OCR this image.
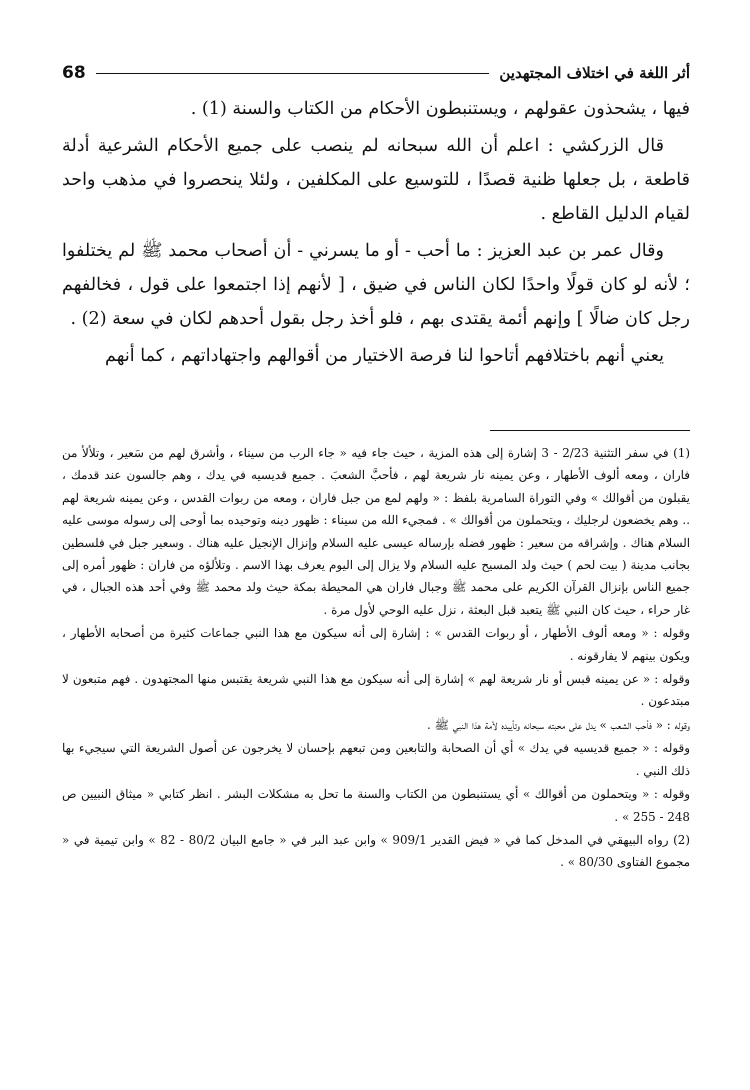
68	أثر اللغة في اختلاف المجتهدين

فيها ، يشحذون عقولهم ، ويستنبطون الأحكام من الكتاب والسنة (1) .

قال الزركشي : اعلم أن الله سبحانه لم ينصب على جميع الأحكام الشرعية أدلة قاطعة ، بل جعلها ظنية قصدًا ، للتوسيع على المكلفين ، ولئلا ينحصروا في مذهب واحد لقيام الدليل القاطع .

وقال عمر بن عبد العزيز : ما أحب - أو ما يسرني - أن أصحاب محمد ﷺ لم يختلفوا ؛ لأنه لو كان قولًا واحدًا لكان الناس في ضيق ، [ لأنهم إذا اجتمعوا على قول ، فخالفهم رجل كان ضالًا ] وإنهم أئمة يقتدى بهم ، فلو أخذ رجل بقول أحدهم لكان في سعة (2) .

يعني أنهم باختلافهم أتاحوا لنا فرصة الاختيار من أقوالهم واجتهاداتهم ، كما أنهم

(1) في سفر التثنية 2/23 - 3 إشارة إلى هذه المزية ، حيث جاء فيه « جاء الرب من سيناء ، وأشرق لهم من سَعير ، وتلألأ من فاران ، ومعه ألوف الأطهار ، وعن يمينه نار شريعة لهم ، فأحبَّ الشعبَ . جميع قديسيه في يدك ، وهم جالسون عند قدمك ، يقبلون من أقوالك » وفي التوراة السامرية بلفظ : « ولهم لمع من جبل فاران ، ومعه من ربوات القدس ، وعن يمينه شريعة لهم .. وهم يخضعون لرجليك ، ويتحملون من أقوالك » . فمجيء الله من سيناء : ظهور دينه وتوحيده بما أوحى إلى رسوله موسى عليه السلام هناك . وإشراقه من سعير : ظهور فضله بإرساله عيسى عليه السلام وإنزال الإنجيل عليه هناك . وسعير جبل في فلسطين بجانب مدينة ( بيت لحم ) حيث ولد المسيح عليه السلام ولا يزال إلى اليوم يعرف بهذا الاسم . وتلألؤه من فاران : ظهور أمره إلى جميع الناس بإنزال القرآن الكريم على محمد ﷺ وجبال فاران هي المحيطة بمكة حيث ولد محمد ﷺ وفي أحد هذه الجبال ، في غار حراء ، حيث كان النبي ﷺ يتعبد قبل البعثة ، نزل عليه الوحي لأول مرة .

وقوله : « ومعه ألوف الأطهار ، أو ربوات القدس » : إشارة إلى أنه سيكون مع هذا النبي جماعات كثيرة من أصحابه الأطهار ، ويكون بينهم لا يفارقونه .

وقوله : « عن يمينه قبس أو نار شريعة لهم » إشارة إلى أنه سيكون مع هذا النبي شريعة يقتبس منها المجتهدون . فهم متبعون لا مبتدعون .

وقوله : « فأحب الشعب » يدل على محبته سبحانه وتأييده لأمة هذا النبي ﷺ .

وقوله : « جميع قديسيه في يدك » أي أن الصحابة والتابعين ومن تبعهم بإحسان لا يخرجون عن أصول الشريعة التي سيجيء بها ذلك النبي .

وقوله : « ويتحملون من أقوالك » أي يستنبطون من الكتاب والسنة ما تحل به مشكلات البشر . انظر كتابي « ميثاق النبيين ص 248 - 255 » .

(2) رواه البيهقي في المدخل كما في « فيض القدير 909/1 » وابن عبد البر في « جامع البيان 80/2 - 82 » وابن تيمية في « مجموع الفتاوى 80/30 » .
